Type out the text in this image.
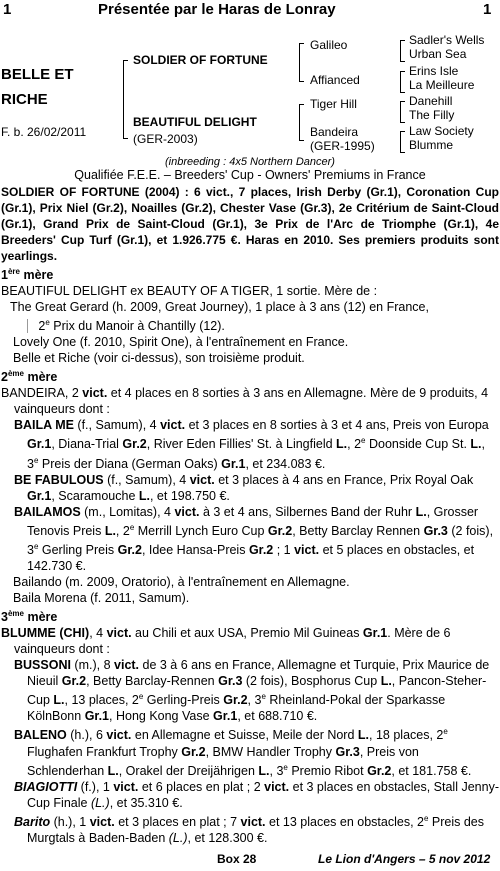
1	Présentée par le Haras de Lonray	1
BELLE ET
RICHE
F. b. 26/02/2011
SOLDIER OF FORTUNE
BEAUTIFUL DELIGHT
(GER-2003)
Galileo
Affianced
Tiger Hill
Bandeira
(GER-1995)
Sadler's Wells
Urban Sea
Erins Isle
La Meilleure
Danehill
The Filly
Law Society
Blumme
(inbreeding : 4x5 Northern Dancer)
Qualifiée F.E.E. – Breeders' Cup - Owners' Premiums in France

SOLDIER OF FORTUNE (2004) : 6 vict., 7 places, Irish Derby (Gr.1), Coronation Cup (Gr.1), Prix Niel (Gr.2), Noailles (Gr.2), Chester Vase (Gr.3), 2e Critérium de Saint-Cloud (Gr.1), Grand Prix de Saint-Cloud (Gr.1), 3e Prix de l'Arc de Triomphe (Gr.1), 4e Breeders' Cup Turf (Gr.1), et 1.926.775 €. Haras en 2010. Ses premiers produits sont yearlings.

1ère mère

BEAUTIFUL DELIGHT ex BEAUTY OF A TIGER, 1 sortie. Mère de :

The Great Gerard (h. 2009, Great Journey), 1 place à 3 ans (12) en France,

2e Prix du Manoir à Chantilly (12).

Lovely One (f. 2010, Spirit One), à l'entraînement en France.

Belle et Riche (voir ci-dessus), son troisième produit.

2ème mère

BANDEIRA, 2 vict. et 4 places en 8 sorties à 3 ans en Allemagne. Mère de 9 produits, 4 vainqueurs dont :

BAILA ME (f., Samum), 4 vict. et 3 places en 8 sorties à 3 et 4 ans, Preis von Europa Gr.1, Diana-Trial Gr.2, River Eden Fillies' St. à Lingfield L., 2e Doonside Cup St. L., 3e Preis der Diana (German Oaks) Gr.1, et 234.083 €.

BE FABULOUS (f., Samum), 4 vict. et 3 places à 4 ans en France, Prix Royal Oak Gr.1, Scaramouche L., et 198.750 €.

BAILAMOS (m., Lomitas), 4 vict. à 3 et 4 ans, Silbernes Band der Ruhr L., Grosser Tenovis Preis L., 2e Merrill Lynch Euro Cup Gr.2, Betty Barclay Rennen Gr.3 (2 fois), 3e Gerling Preis Gr.2, Idee Hansa-Preis Gr.2 ; 1 vict. et 5 places en obstacles, et 142.730 €.

Bailando (m. 2009, Oratorio), à l'entraînement en Allemagne.

Baila Morena (f. 2011, Samum).

3ème mère

BLUMME (CHI), 4 vict. au Chili et aux USA, Premio Mil Guineas Gr.1. Mère de 6 vainqueurs dont :

BUSSONI (m.), 8 vict. de 3 à 6 ans en France, Allemagne et Turquie, Prix Maurice de Nieuil Gr.2, Betty Barclay-Rennen Gr.3 (2 fois), Bosphorus Cup L., Pancon-Steher-Cup L., 13 places, 2e Gerling-Preis Gr.2, 3e Rheinland-Pokal der Sparkasse KölnBonn Gr.1, Hong Kong Vase Gr.1, et 688.710 €.

BALENO (h.), 6 vict. en Allemagne et Suisse, Meile der Nord L., 18 places, 2e Flughafen Frankfurt Trophy Gr.2, BMW Handler Trophy Gr.3, Preis von Schlenderhan L., Orakel der Dreijährigen L., 3e Premio Ribot Gr.2, et 181.758 €.

BIAGIOTTI (f.), 1 vict. et 6 places en plat ; 2 vict. et 3 places en obstacles, Stall Jenny-Cup Finale (L.), et 35.310 €.

Barito (h.), 1 vict. et 3 places en plat ; 7 vict. et 13 places en obstacles, 2e Preis des Murgtals à Baden-Baden (L.), et 128.300 €.

Box 28	Le Lion d'Angers – 5 nov 2012
